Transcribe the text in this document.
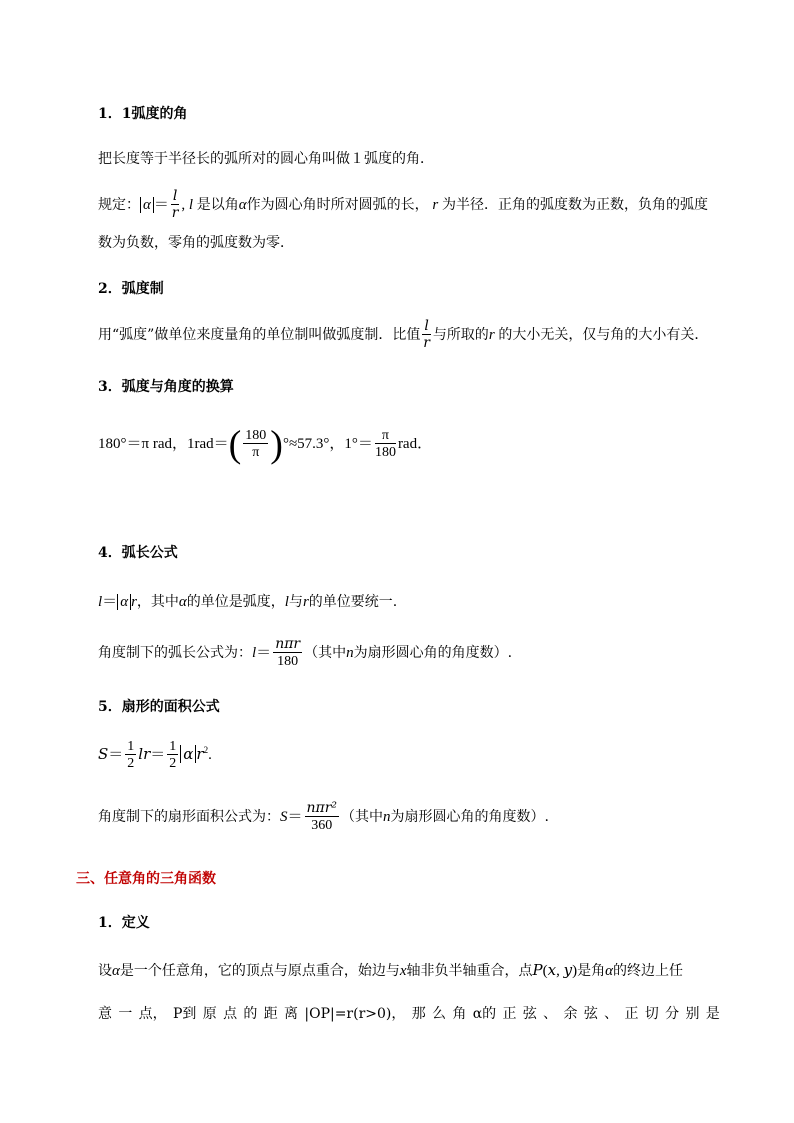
1．1弧度的角
把长度等于半径长的弧所对的圆心角叫做１弧度的角．
规定： $\alpha = \frac{l}{r}$ , l 是以角α作为圆心角时所对圆弧的长， r 为半径．正角的弧度数为正数，负角的弧度
数为负数，零角的弧度数为零．
2．弧度制
用“弧度”做单位来度量角的单位制叫做弧度制．比值 $\frac{l}{r}$ 与所取的r 的大小无关，仅与角的大小有关．
3．弧度与角度的换算
180°＝π rad，$1rad=( \frac{180}{\pi} )^\circ\approx 57.3^\circ$，$1^\circ= \frac{\pi}{180}$ rad．
4．弧长公式
l＝ α r，其中α的单位是弧度，l与r的单位要统一.
角度制下的弧长公式为：$l= \frac{\text{nπr}}{180}$ （其中n为扇形圆心角的角度数）.
5．扇形的面积公式
$S= \frac{1}{2} lr= \frac{1}{2}$ α $r^2$.
角度制下的扇形面积公式为：$S= \frac{\text{nπr²}}{360}$ （其中n为扇形圆心角的角度数）.
三、任意角的三角函数
1．定义
设α是一个任意角，它的顶点与原点重合，始边与x轴非负半轴重合，点P(x, y)是角α的终边上任
意 一 点， P到 原 点 的 距 离 |OP|=r(r>0)， 那 么 角 α的 正 弦 、 余 弦 、 正 切 分 别 是
